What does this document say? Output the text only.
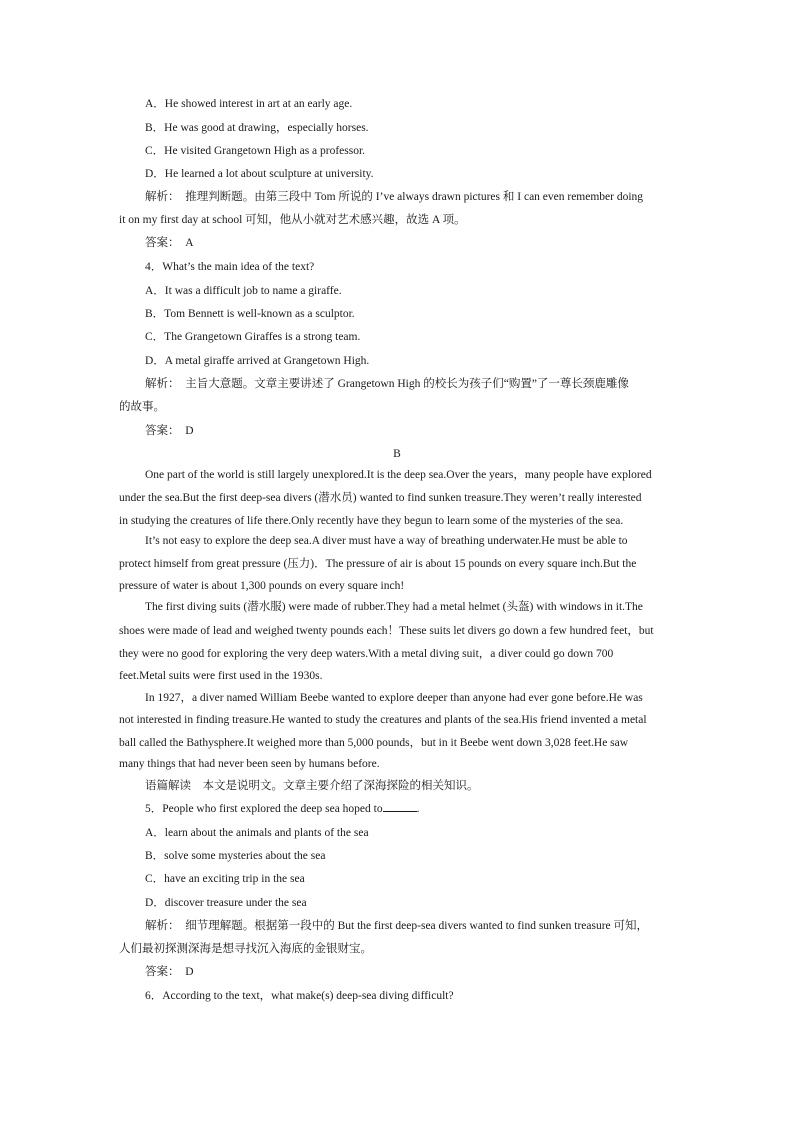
A．He showed interest in art at an early age.
B．He was good at drawing，especially horses.
C．He visited Grangetown High as a professor.
D．He learned a lot about sculpture at university.
解析：　推理判断题。由第三段中 Tom 所说的 I’ve always drawn pictures 和 I can even remember doing
it on my first day at school 可知，他从小就对艺术感兴趣，故选 A 项。
答案：　A
4．What’s the main idea of the text?
A．It was a difficult job to name a giraffe.
B．Tom Bennett is well-known as a sculptor.
C．The Grangetown Giraffes is a strong team.
D．A metal giraffe arrived at Grangetown High.
解析：　主旨大意题。文章主要讲述了 Grangetown High 的校长为孩子们“购置”了一尊长颈鹿雕像
的故事。
答案：　D
B
One part of the world is still largely unexplored.It is the deep sea.Over the years，many people have explored
under the sea.But the first deep-sea divers (潜水员) wanted to find sunken treasure.They weren’t really interested
in studying the creatures of life there.Only recently have they begun to learn some of the mysteries of the sea.
It’s not easy to explore the deep sea.A diver must have a way of breathing underwater.He must be able to
protect himself from great pressure (压力)．The pressure of air is about 15 pounds on every square inch.But the
pressure of water is about 1,300 pounds on every square inch!
The first diving suits (潜水服) were made of rubber.They had a metal helmet (头盔) with windows in it.The
shoes were made of lead and weighed twenty pounds each！These suits let divers go down a few hundred feet，but
they were no good for exploring the very deep waters.With a metal diving suit，a diver could go down 700
feet.Metal suits were first used in the 1930s.
In 1927，a diver named William Beebe wanted to explore deeper than anyone had ever gone before.He was
not interested in finding treasure.He wanted to study the creatures and plants of the sea.His friend invented a metal
ball called the Bathysphere.It weighed more than 5,000 pounds，but in it Beebe went down 3,028 feet.He saw
many things that had never been seen by humans before.
语篇解读　本文是说明文。文章主要介绍了深海探险的相关知识。
5．People who first explored the deep sea hoped to	.
A．learn about the animals and plants of the sea
B．solve some mysteries about the sea
C．have an exciting trip in the sea
D．discover treasure under the sea
解析：　细节理解题。根据第一段中的 But the first deep-sea divers wanted to find sunken treasure 可知，
人们最初探测深海是想寻找沉入海底的金银财宝。
答案：　D
6．According to the text，what make(s) deep-sea diving difficult?
